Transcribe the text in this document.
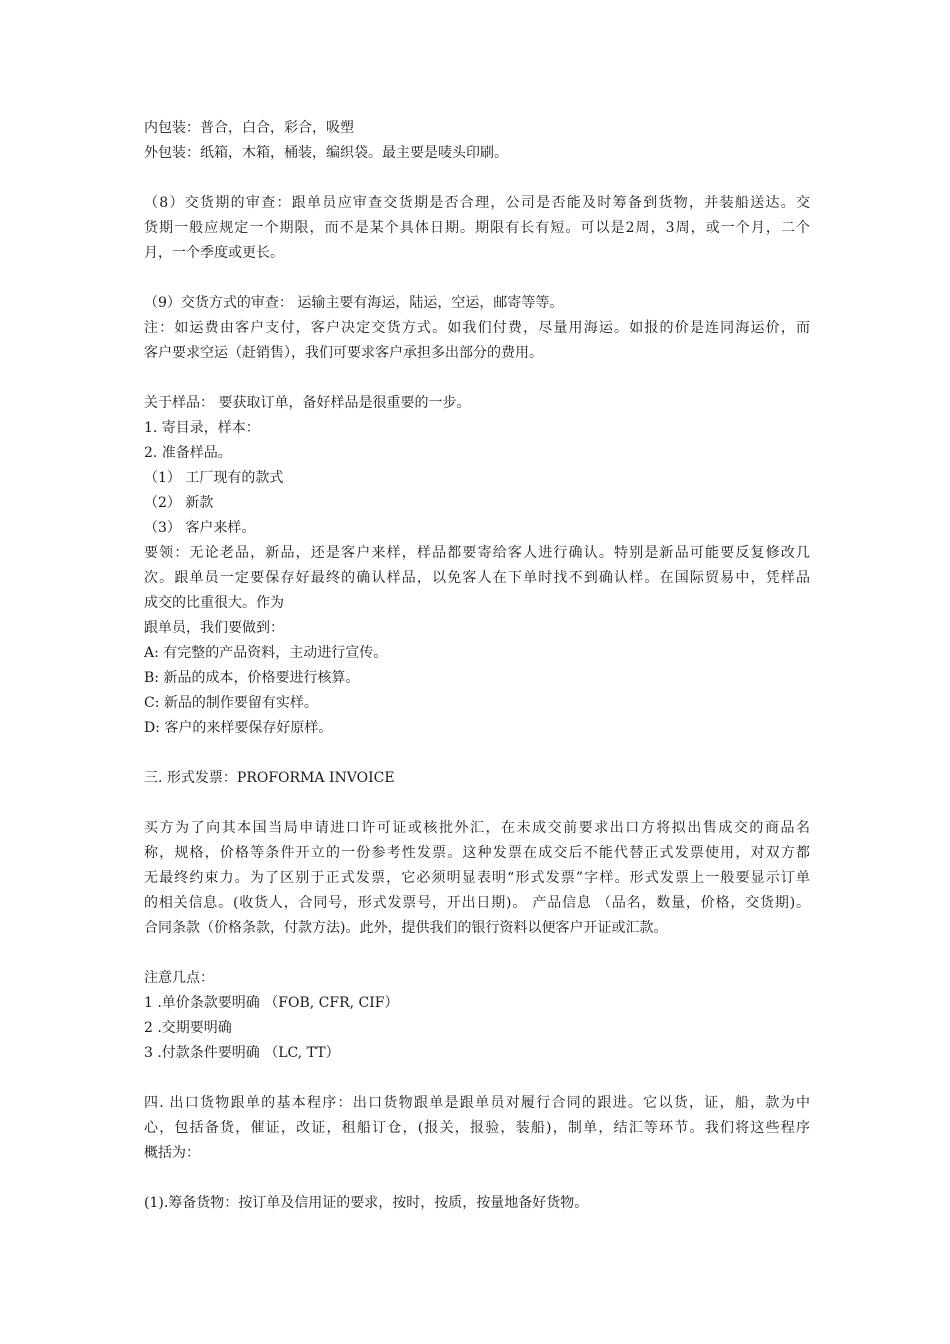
内包装：普合，白合，彩合，吸塑
外包装：纸箱，木箱，桶装，编织袋。最主要是唛头印刷。
（8）交货期的审查：跟单员应审查交货期是否合理，公司是否能及时筹备到货物，并装船送达。交
货期一般应规定一个期限，而不是某个具体日期。期限有长有短。可以是2周，3周，或一个月，二个
月，一个季度或更长。
（9）交货方式的审查： 运输主要有海运，陆运，空运，邮寄等等。
注：如运费由客户支付，客户决定交货方式。如我们付费，尽量用海运。如报的价是连同海运价，而
客户要求空运（赶销售），我们可要求客户承担多出部分的费用。
关于样品： 要获取订单，备好样品是很重要的一步。
1. 寄目录，样本：
2. 准备样品。
（1） 工厂现有的款式
（2） 新款
（3） 客户来样。
要领：无论老品，新品，还是客户来样，样品都要寄给客人进行确认。特别是新品可能要反复修改几
次。跟单员一定要保存好最终的确认样品，以免客人在下单时找不到确认样。在国际贸易中，凭样品
成交的比重很大。作为
跟单员，我们要做到：
A: 有完整的产品资料，主动进行宣传。
B: 新品的成本，价格要进行核算。
C: 新品的制作要留有实样。
D: 客户的来样要保存好原样。
三. 形式发票：PROFORMA INVOICE
买方为了向其本国当局申请进口许可证或核批外汇，在未成交前要求出口方将拟出售成交的商品名
称，规格，价格等条件开立的一份参考性发票。这种发票在成交后不能代替正式发票使用，对双方都
无最终约束力。为了区别于正式发票，它必须明显表明“形式发票”字样。形式发票上一般要显示订单
的相关信息。(收货人，合同号，形式发票号，开出日期)。 产品信息 （品名，数量，价格，交货期)。
合同条款（价格条款，付款方法)。此外，提供我们的银行资料以便客户开证或汇款。
注意几点：
1 .单价条款要明确 （FOB, CFR, CIF）
2 .交期要明确
3 .付款条件要明确 （LC, TT）
四. 出口货物跟单的基本程序：出口货物跟单是跟单员对履行合同的跟进。它以货，证，船，款为中
心，包括备货，催证，改证，租船订仓，(报关，报验，装船)，制单，结汇等环节。我们将这些程序
概括为：
(1).筹备货物：按订单及信用证的要求，按时，按质，按量地备好货物。
